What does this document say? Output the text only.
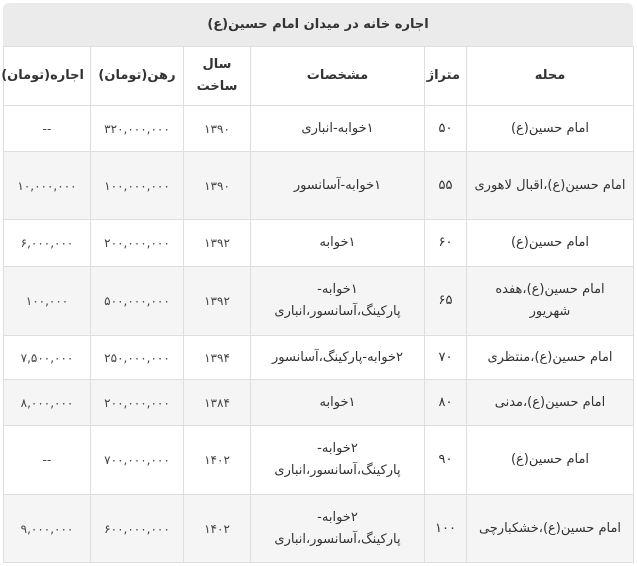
اجاره خانه در میدان امام حسین(ع)
محله	متراژ	مشخصات	سال ساخت	رهن(تومان)	اجاره(تومان)
امام حسین(ع)	۵۰	۱خوابه-انباری	۱۳۹۰	۳۲۰,۰۰۰,۰۰۰	--
امام حسین(ع)،اقبال لاهوری	۵۵	۱خوابه-آسانسور	۱۳۹۰	۱۰۰,۰۰۰,۰۰۰	۱۰,۰۰۰,۰۰۰
امام حسین(ع)	۶۰	۱خوابه	۱۳۹۲	۲۰۰,۰۰۰,۰۰۰	۶,۰۰۰,۰۰۰
امام حسین(ع)،هفده شهریور	۶۵	۱خوابه-پارکینگ،آسانسور،انباری	۱۳۹۲	۵۰۰,۰۰۰,۰۰۰	۱۰۰,۰۰۰
امام حسین(ع)،منتظری	۷۰	۲خوابه-پارکینگ،آسانسور	۱۳۹۴	۲۵۰,۰۰۰,۰۰۰	۷,۵۰۰,۰۰۰
امام حسین(ع)،مدنی	۸۰	۱خوابه	۱۳۸۴	۲۰۰,۰۰۰,۰۰۰	۸,۰۰۰,۰۰۰
امام حسین(ع)	۹۰	۲خوابه-پارکینگ،آسانسور،انباری	۱۴۰۲	۷۰۰,۰۰۰,۰۰۰	--
امام حسین(ع)،خشکبارچی	۱۰۰	۲خوابه-پارکینگ،آسانسور،انباری	۱۴۰۲	۶۰۰,۰۰۰,۰۰۰	۹,۰۰۰,۰۰۰
